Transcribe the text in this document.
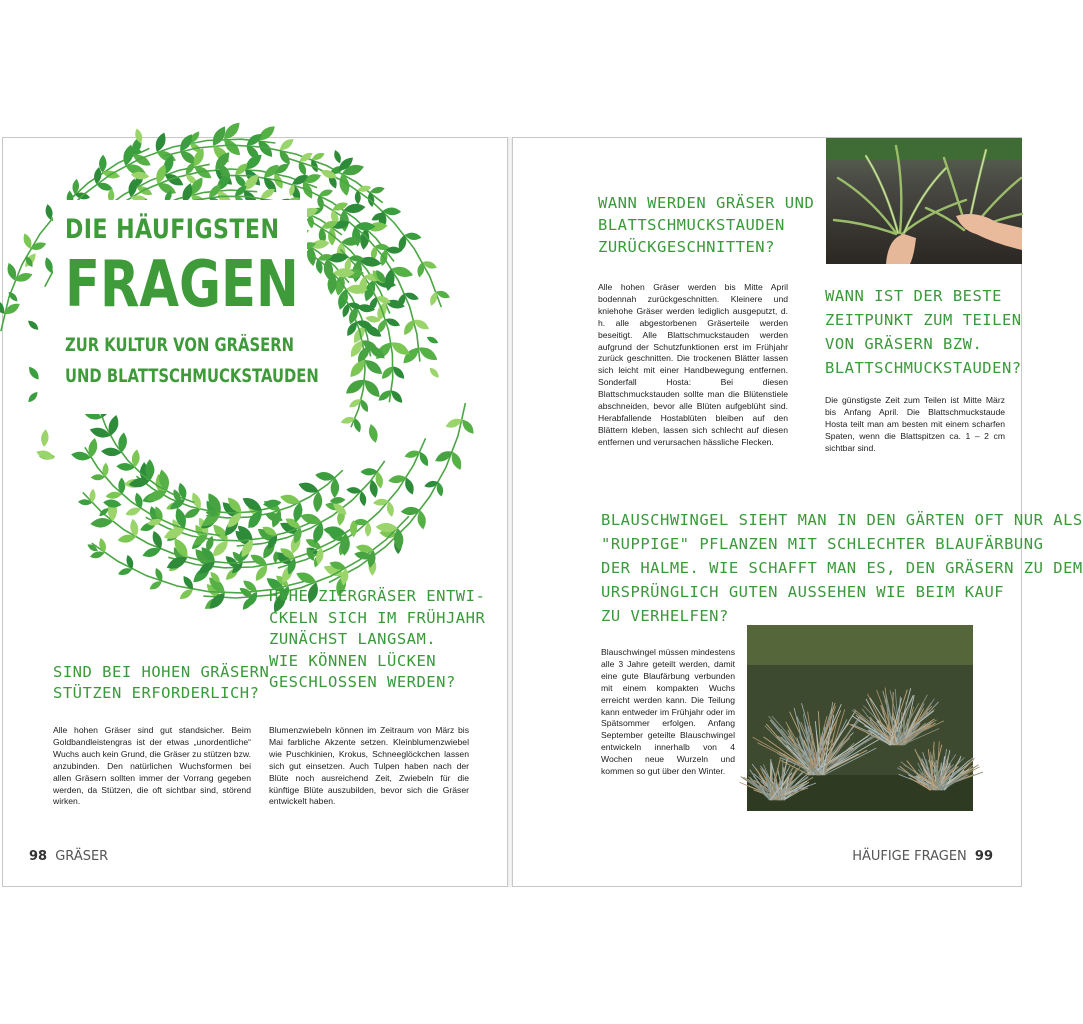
DIE HÄUFIGSTEN
FRAGEN
ZUR KULTUR VON GRÄSERN
UND BLATTSCHMUCKSTAUDEN
SIND BEI HOHEN GRÄSERN
STÜTZEN ERFORDERLICH?

Alle hohen Gräser sind gut standsicher. Beim Goldbandleistengras ist der etwas „unordentliche“ Wuchs auch kein Grund, die Gräser zu stützen bzw. anzubinden. Den natürlichen Wuchsformen bei allen Gräsern sollten immer der Vorrang gegeben werden, da Stützen, die oft sichtbar sind, störend wirken.

HOHE ZIERGRÄSER ENTWI-
CKELN SICH IM FRÜHJAHR
ZUNÄCHST LANGSAM.
WIE KÖNNEN LÜCKEN
GESCHLOSSEN WERDEN?

Blumenzwiebeln können im Zeitraum von März bis Mai farbliche Akzente setzen. Kleinblumenzwiebel wie Puschkinien, Krokus, Schneeglöckchen lassen sich gut einsetzen. Auch Tulpen haben nach der Blüte noch ausreichend Zeit, Zwiebeln für die künftige Blüte auszubilden, bevor sich die Gräser entwickelt haben.

98 GRÄSER
WANN WERDEN GRÄSER UND
BLATTSCHMUCKSTAUDEN
ZURÜCKGESCHNITTEN?

Alle hohen Gräser werden bis Mitte April bodennah zurückgeschnitten. Kleinere und kniehohe Gräser werden lediglich ausgeputzt, d. h. alle abgestorbenen Gräserteile werden beseitigt. Alle Blattschmuckstauden werden aufgrund der Schutzfunktionen erst im Frühjahr zurück geschnitten. Die trockenen Blätter lassen sich leicht mit einer Handbewegung entfernen. Sonderfall Hosta: Bei diesen Blattschmuckstauden sollte man die Blütenstiele abschneiden, bevor alle Blüten aufgeblüht sind. Herabfallende Hostablüten bleiben auf den Blättern kleben, lassen sich schlecht auf diesen entfernen und verursachen hässliche Flecken.

WANN IST DER BESTE
ZEITPUNKT ZUM TEILEN
VON GRÄSERN BZW.
BLATTSCHMUCKSTAUDEN?

Die günstigste Zeit zum Teilen ist Mitte März bis Anfang April. Die Blattschmuckstaude Hosta teilt man am besten mit einem scharfen Spaten, wenn die Blattspitzen ca. 1 – 2 cm sichtbar sind.

BLAUSCHWINGEL SIEHT MAN IN DEN GÄRTEN OFT NUR ALS
"RUPPIGE" PFLANZEN MIT SCHLECHTER BLAUFÄRBUNG
DER HALME. WIE SCHAFFT MAN ES, DEN GRÄSERN ZU DEM
URSPRÜNGLICH GUTEN AUSSEHEN WIE BEIM KAUF
ZU VERHELFEN?

Blauschwingel müssen mindestens alle 3 Jahre geteilt werden, damit eine gute Blaufärbung verbunden mit einem kompakten Wuchs erreicht werden kann. Die Teilung kann entweder im Frühjahr oder im Spätsommer erfolgen. Anfang September geteilte Blauschwingel entwickeln innerhalb von 4 Wochen neue Wurzeln und kommen so gut über den Winter.

HÄUFIGE FRAGEN 99
